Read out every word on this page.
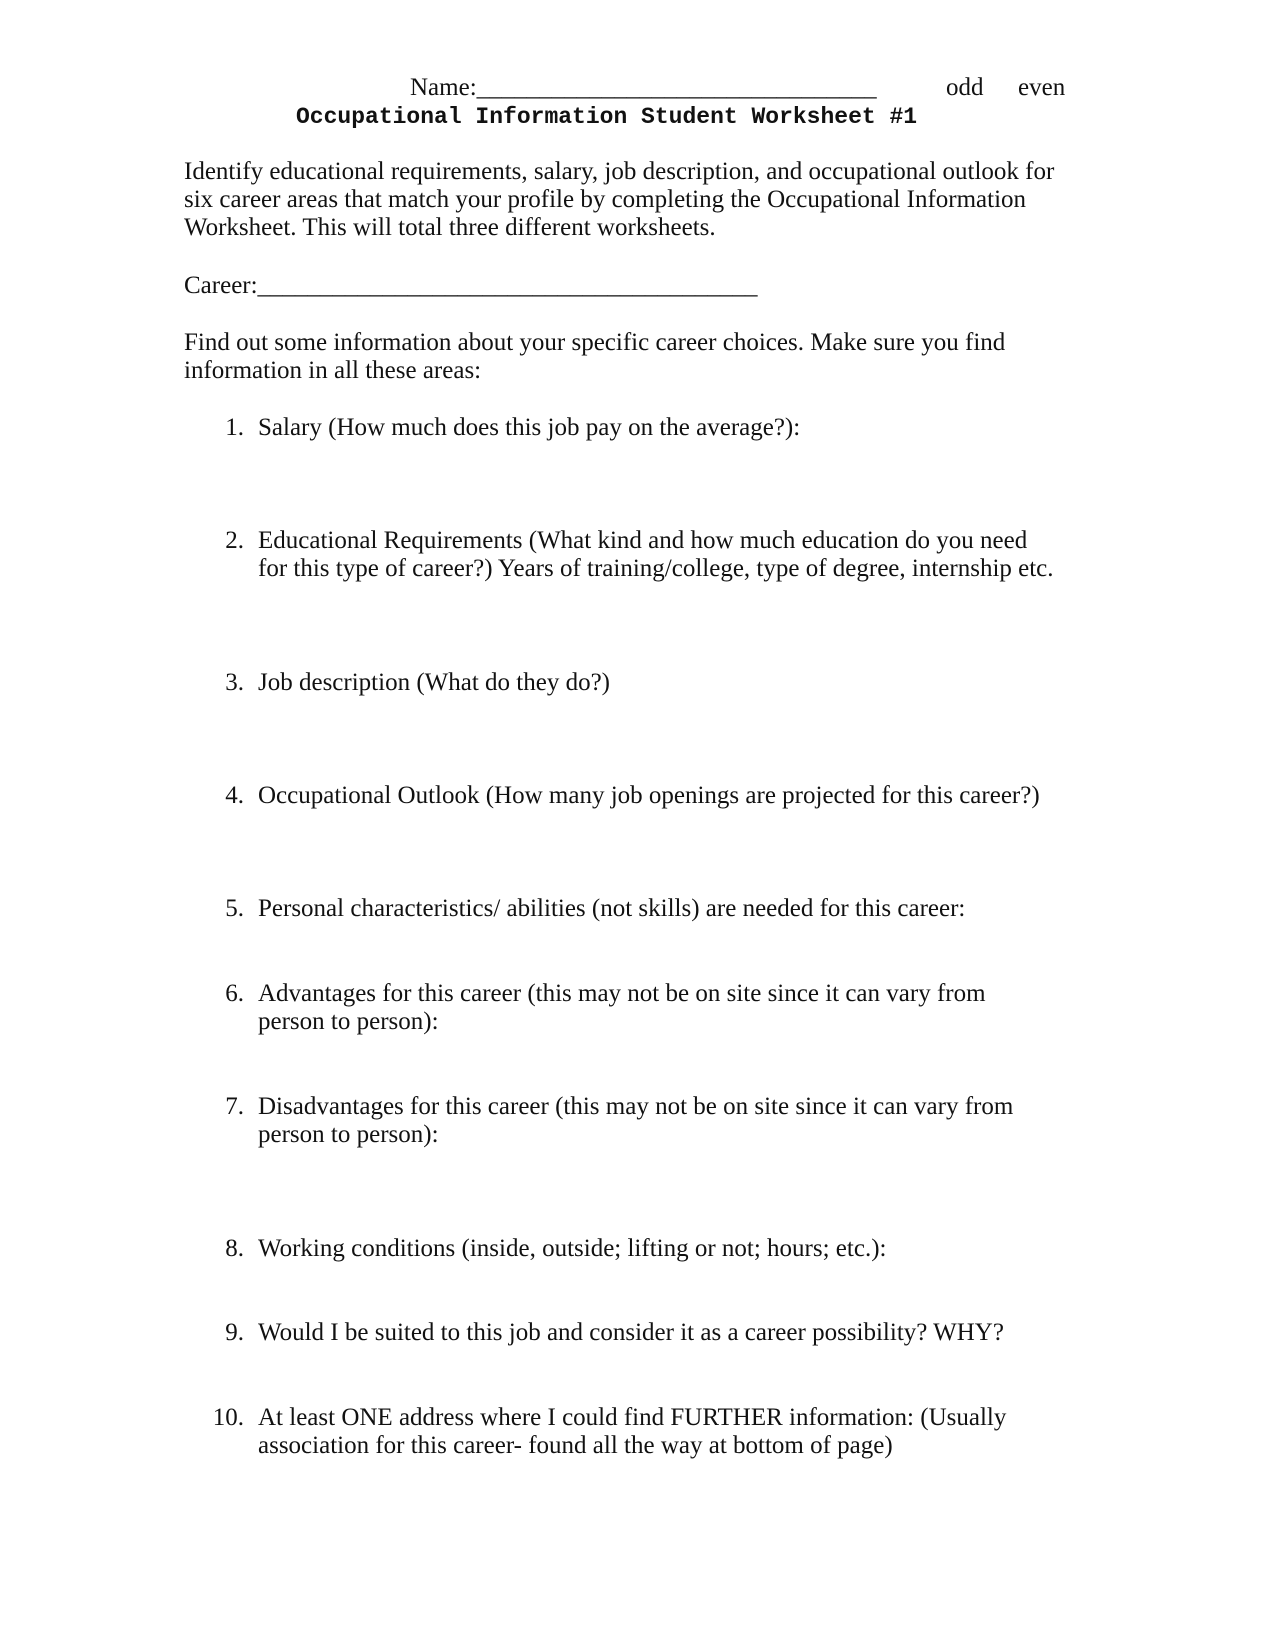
Name:________________________________	odd even
Occupational Information Student Worksheet #1
Identify educational requirements, salary, job description, and occupational outlook for six career areas that match your profile by completing the Occupational Information Worksheet. This will total three different worksheets.
Career:________________________________________
Find out some information about your specific career choices. Make sure you find information in all these areas:
1. Salary (How much does this job pay on the average?):
2. Educational Requirements (What kind and how much education do you need for this type of career?) Years of training/college, type of degree, internship etc.
3. Job description (What do they do?)
4. Occupational Outlook (How many job openings are projected for this career?)
5. Personal characteristics/ abilities (not skills) are needed for this career:
6. Advantages for this career (this may not be on site since it can vary from person to person):
7. Disadvantages for this career (this may not be on site since it can vary from person to person):
8. Working conditions (inside, outside; lifting or not; hours; etc.):
9. Would I be suited to this job and consider it as a career possibility? WHY?
10. At least ONE address where I could find FURTHER information: (Usually association for this career- found all the way at bottom of page)
